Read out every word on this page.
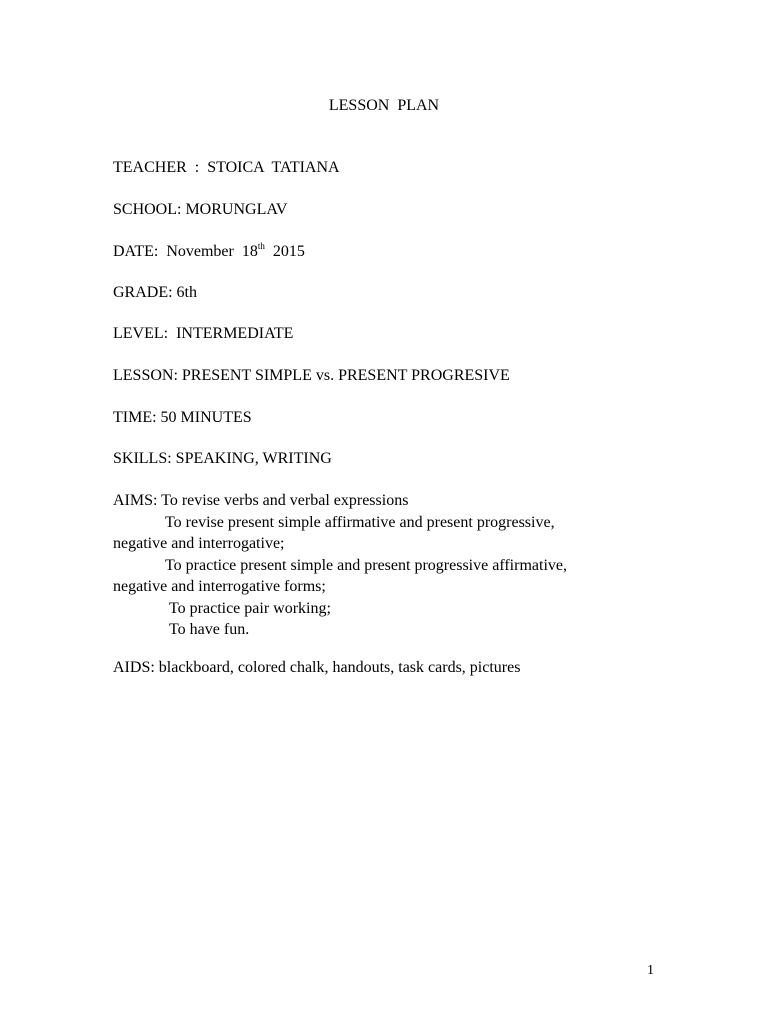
LESSON PLAN

TEACHER : STOICA TATIANA

SCHOOL: MORUNGLAV

DATE: November 18th 2015

GRADE: 6th

LEVEL: INTERMEDIATE

LESSON: PRESENT SIMPLE vs. PRESENT PROGRESIVE

TIME: 50 MINUTES

SKILLS: SPEAKING, WRITING

AIMS: To revise verbs and verbal expressions
To revise present simple affirmative and present progressive,
negative and interrogative;
To practice present simple and present progressive affirmative,
negative and interrogative forms;
To practice pair working;
To have fun.

AIDS: blackboard, colored chalk, handouts, task cards, pictures

1
